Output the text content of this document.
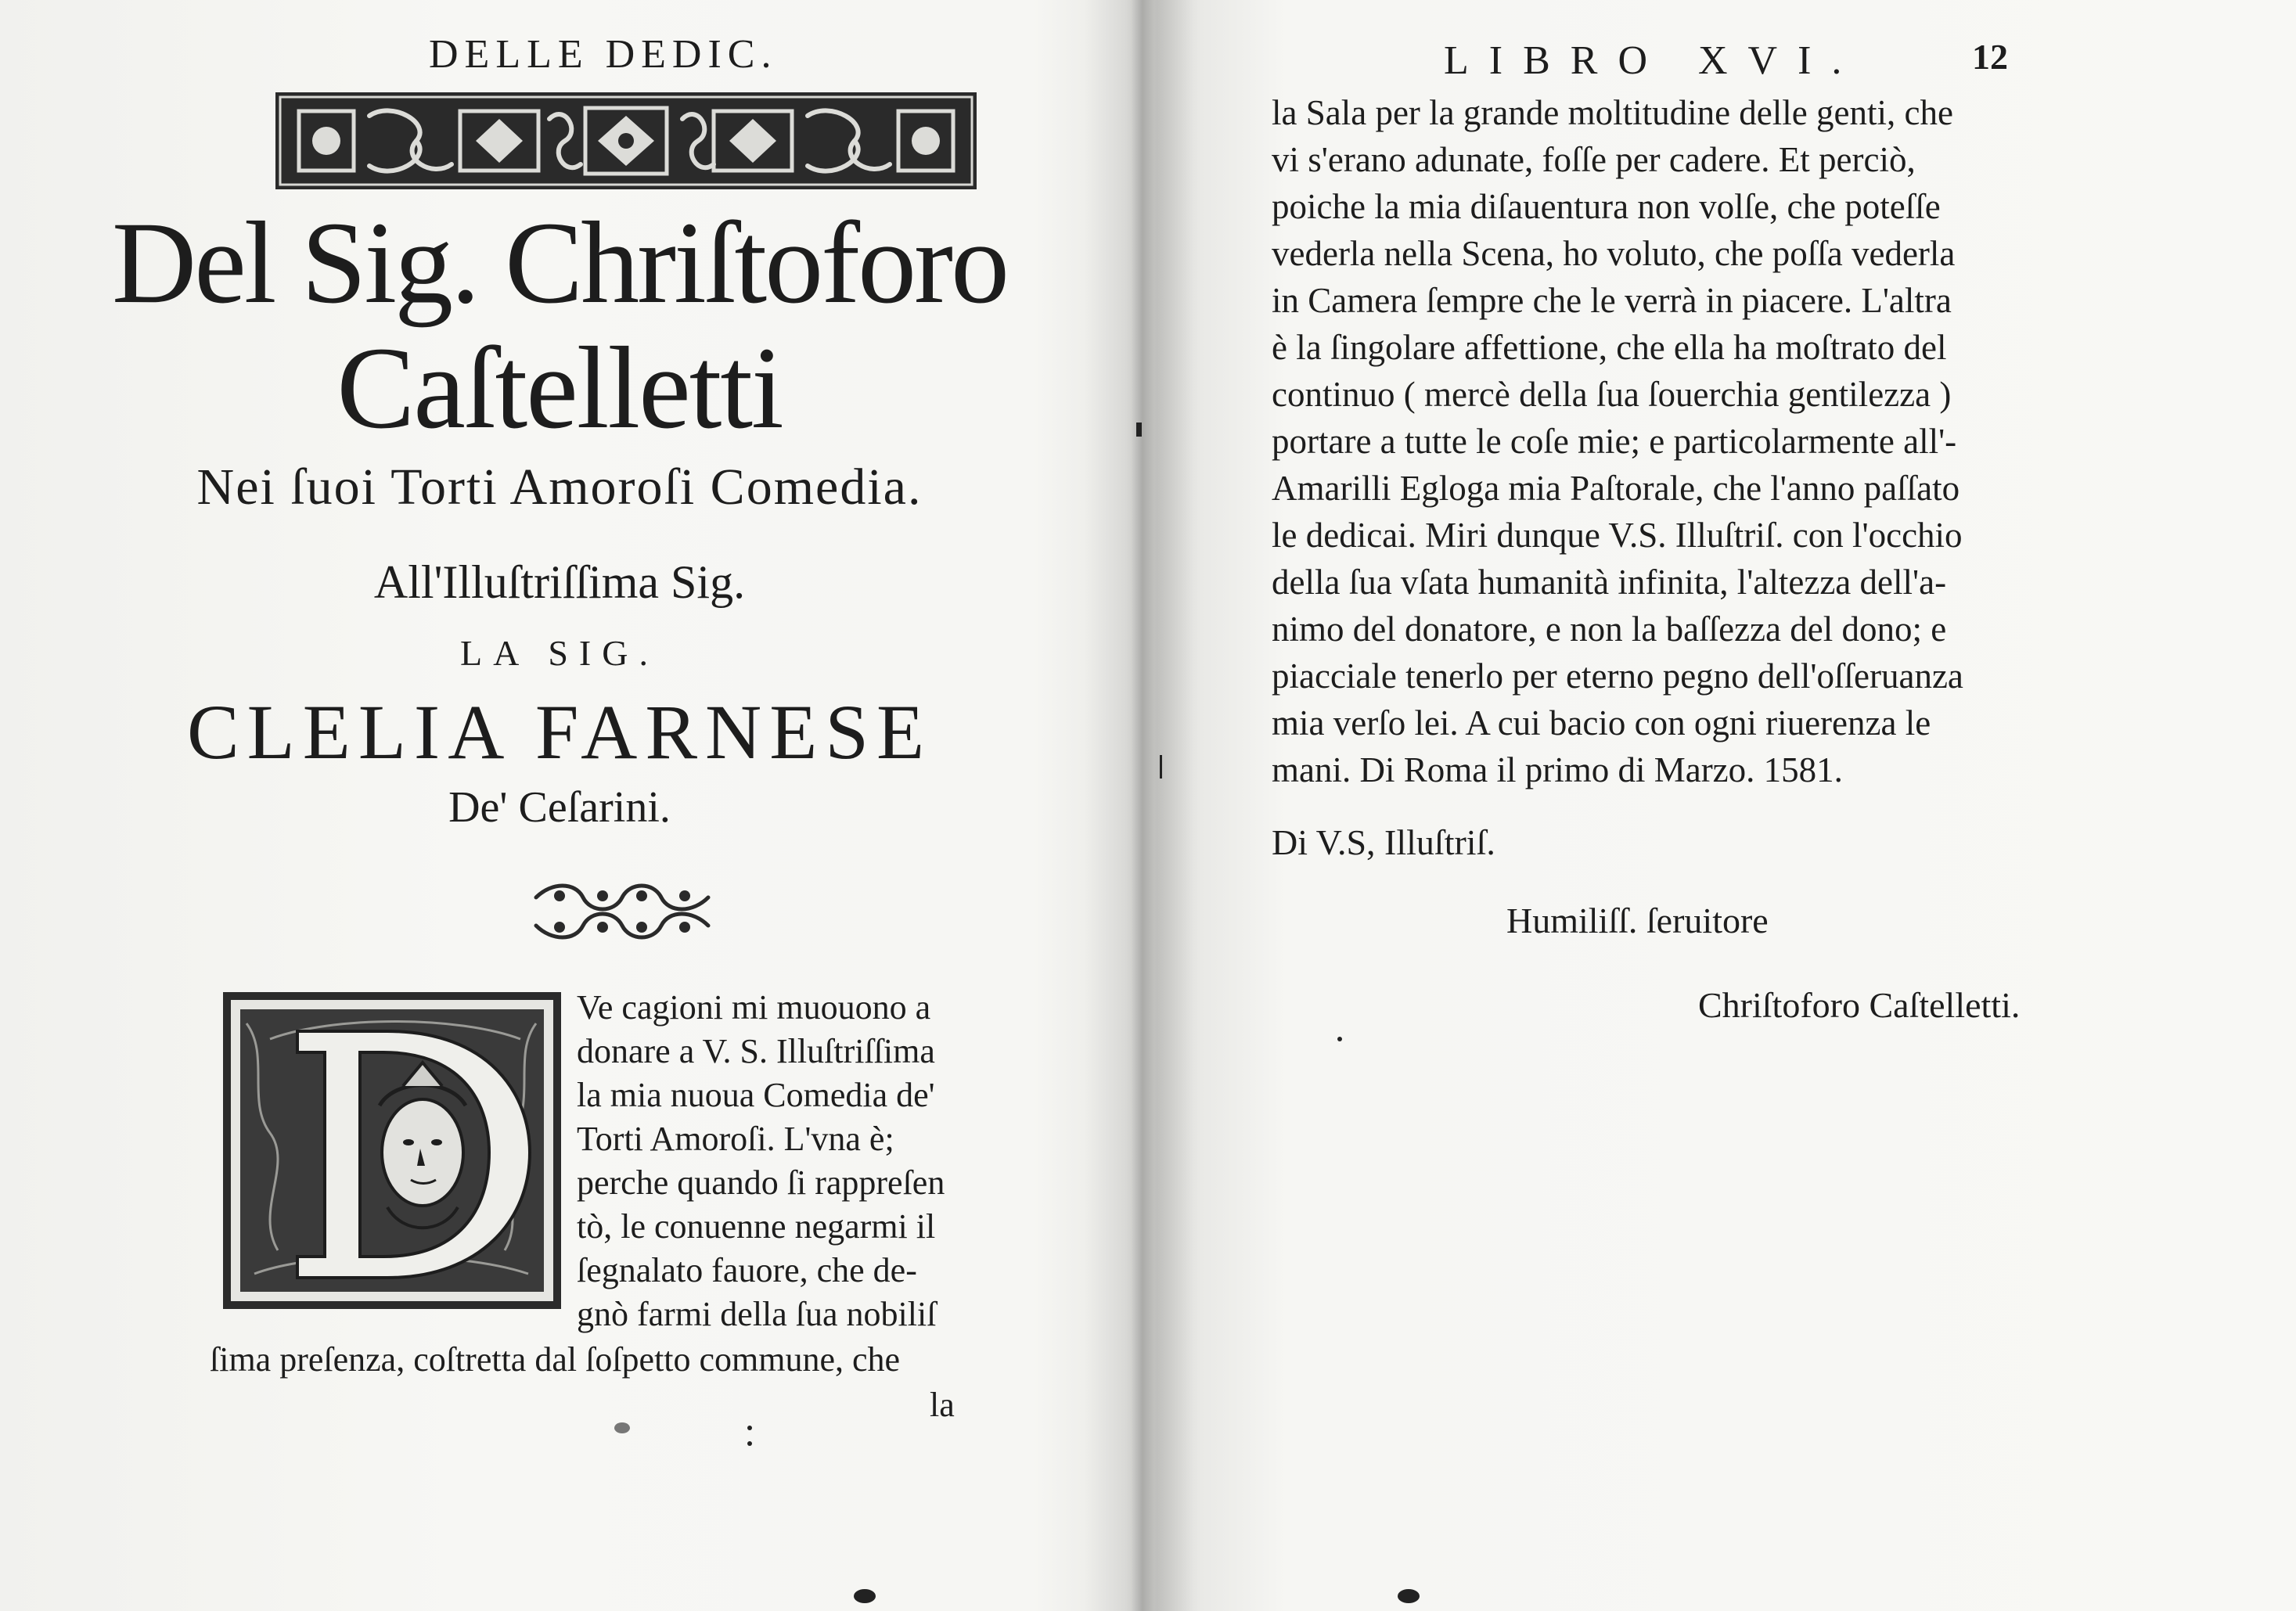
DELLE DEDIC.
Del Sig. Chriſtoforo
Caſtelletti
Nei ſuoi Torti Amoroſi Comedia.
All'Illuſtriſſima Sig.
LA SIG.
CLELIA FARNESE
De' Ceſarini.
Ve cagioni mi muouono a
donare a V. S. Illuſtriſſima
la mia nuoua Comedia de'
Torti Amoroſi. L'vna è;
perche quando ſi rappreſen
tò, le conuenne negarmi il
ſegnalato fauore, che de-
gnò farmi della ſua nobiliſ
ſima preſenza, coſtretta dal ſoſpetto commune, che
la
LIBRO XVI.	12
la Sala per la grande moltitudine delle genti, che
vi s'erano adunate, foſſe per cadere. Et perciò,
poiche la mia diſauentura non volſe, che poteſſe
vederla nella Scena, ho voluto, che poſſa vederla
in Camera ſempre che le verrà in piacere. L'altra
è la ſingolare affettione, che ella ha moſtrato del
continuo ( mercè della ſua ſouerchia gentilezza )
portare a tutte le coſe mie; e particolarmente all'-
Amarilli Egloga mia Paſtorale, che l'anno paſſato
le dedicai. Miri dunque V.S. Illuſtriſ. con l'occhio
della ſua vſata humanità infinita, l'altezza dell'a-
nimo del donatore, e non la baſſezza del dono; e
piacciale tenerlo per eterno pegno dell'oſſeruanza
mia verſo lei. A cui bacio con ogni riuerenza le
mani. Di Roma il primo di Marzo. 1581.
Di V.S, Illuſtriſ.
Humiliſſ. ſeruitore
Chriſtoforo Caſtelletti.
